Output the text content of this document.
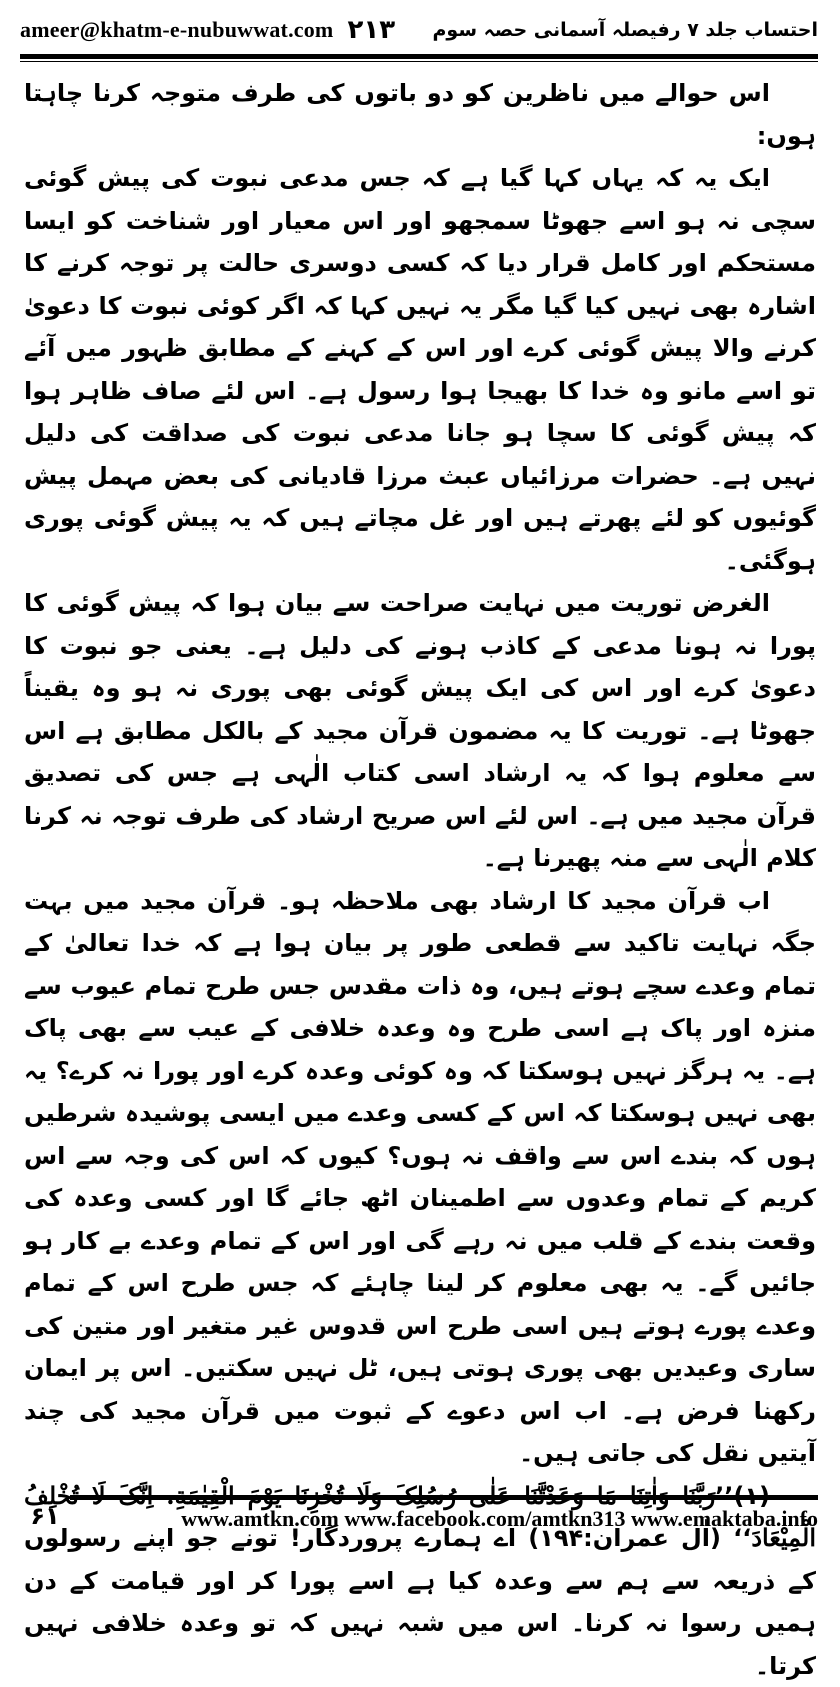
ameer@khatm-e-nubuwwat.com ۲۱۳ احتساب جلد ۷ رفیصلہ آسمانی حصہ سوم

اس حوالے میں ناظرین کو دو باتوں کی طرف متوجہ کرنا چاہتا ہوں:

ایک یہ کہ یہاں کہا گیا ہے کہ جس مدعی نبوت کی پیش گوئی سچی نہ ہو اسے جھوٹا سمجھو اور اس معیار اور شناخت کو ایسا مستحکم اور کامل قرار دیا کہ کسی دوسری حالت پر توجہ کرنے کا اشارہ بھی نہیں کیا گیا مگر یہ نہیں کہا کہ اگر کوئی نبوت کا دعویٰ کرنے والا پیش گوئی کرے اور اس کے کہنے کے مطابق ظہور میں آئے تو اسے مانو وہ خدا کا بھیجا ہوا رسول ہے۔ اس لئے صاف ظاہر ہوا کہ پیش گوئی کا سچا ہو جانا مدعی نبوت کی صداقت کی دلیل نہیں ہے۔ حضرات مرزائیاں عبث مرزا قادیانی کی بعض مہمل پیش گوئیوں کو لئے پھرتے ہیں اور غل مچاتے ہیں کہ یہ پیش گوئی پوری ہوگئی۔

الغرض توریت میں نہایت صراحت سے بیان ہوا کہ پیش گوئی کا پورا نہ ہونا مدعی کے کاذب ہونے کی دلیل ہے۔ یعنی جو نبوت کا دعویٰ کرے اور اس کی ایک پیش گوئی بھی پوری نہ ہو وہ یقیناً جھوٹا ہے۔ توریت کا یہ مضمون قرآن مجید کے بالکل مطابق ہے اس سے معلوم ہوا کہ یہ ارشاد اسی کتاب الٰہی ہے جس کی تصدیق قرآن مجید میں ہے۔ اس لئے اس صریح ارشاد کی طرف توجہ نہ کرنا کلام الٰہی سے منہ پھیرنا ہے۔

اب قرآن مجید کا ارشاد بھی ملاحظہ ہو۔ قرآن مجید میں بہت جگہ نہایت تاکید سے قطعی طور پر بیان ہوا ہے کہ خدا تعالیٰ کے تمام وعدے سچے ہوتے ہیں، وہ ذات مقدس جس طرح تمام عیوب سے منزہ اور پاک ہے اسی طرح وہ وعدہ خلافی کے عیب سے بھی پاک ہے۔ یہ ہرگز نہیں ہوسکتا کہ وہ کوئی وعدہ کرے اور پورا نہ کرے؟ یہ بھی نہیں ہوسکتا کہ اس کے کسی وعدے میں ایسی پوشیدہ شرطیں ہوں کہ بندے اس سے واقف نہ ہوں؟ کیوں کہ اس کی وجہ سے اس کریم کے تمام وعدوں سے اطمینان اٹھ جائے گا اور کسی وعدہ کی وقعت بندے کے قلب میں نہ رہے گی اور اس کے تمام وعدے بے کار ہو جائیں گے۔ یہ بھی معلوم کر لینا چاہئے کہ جس طرح اس کے تمام وعدے پورے ہوتے ہیں اسی طرح اس قدوس غیر متغیر اور متین کی ساری وعیدیں بھی پوری ہوتی ہیں، ٹل نہیں سکتیں۔ اس پر ایمان رکھنا فرض ہے۔ اب اس دعوے کے ثبوت میں قرآن مجید کی چند آیتیں نقل کی جاتی ہیں۔

(۱)’’رَبَّنَا وَاٰتِنَا مَا وَعَدْتَّنَا عَلٰی رُسُلِکَ وَلَا تُخْزِنَا یَوْمَ الْقِیٰمَةِ. اِنَّکَ لَا تُخْلِفُ الْمِیْعَادَ‘‘ (اٰل عمران:۱۹۴) اے ہمارے پروردگار! تونے جو اپنے رسولوں کے ذریعہ سے ہم سے وعدہ کیا ہے اسے پورا کر اور قیامت کے دن ہمیں رسوا نہ کرنا۔ اس میں شبہ نہیں کہ تو وعدہ خلافی نہیں کرتا۔

۶۱	www.amtkn.com www.facebook.com/amtkn313 www.emaktaba.info
